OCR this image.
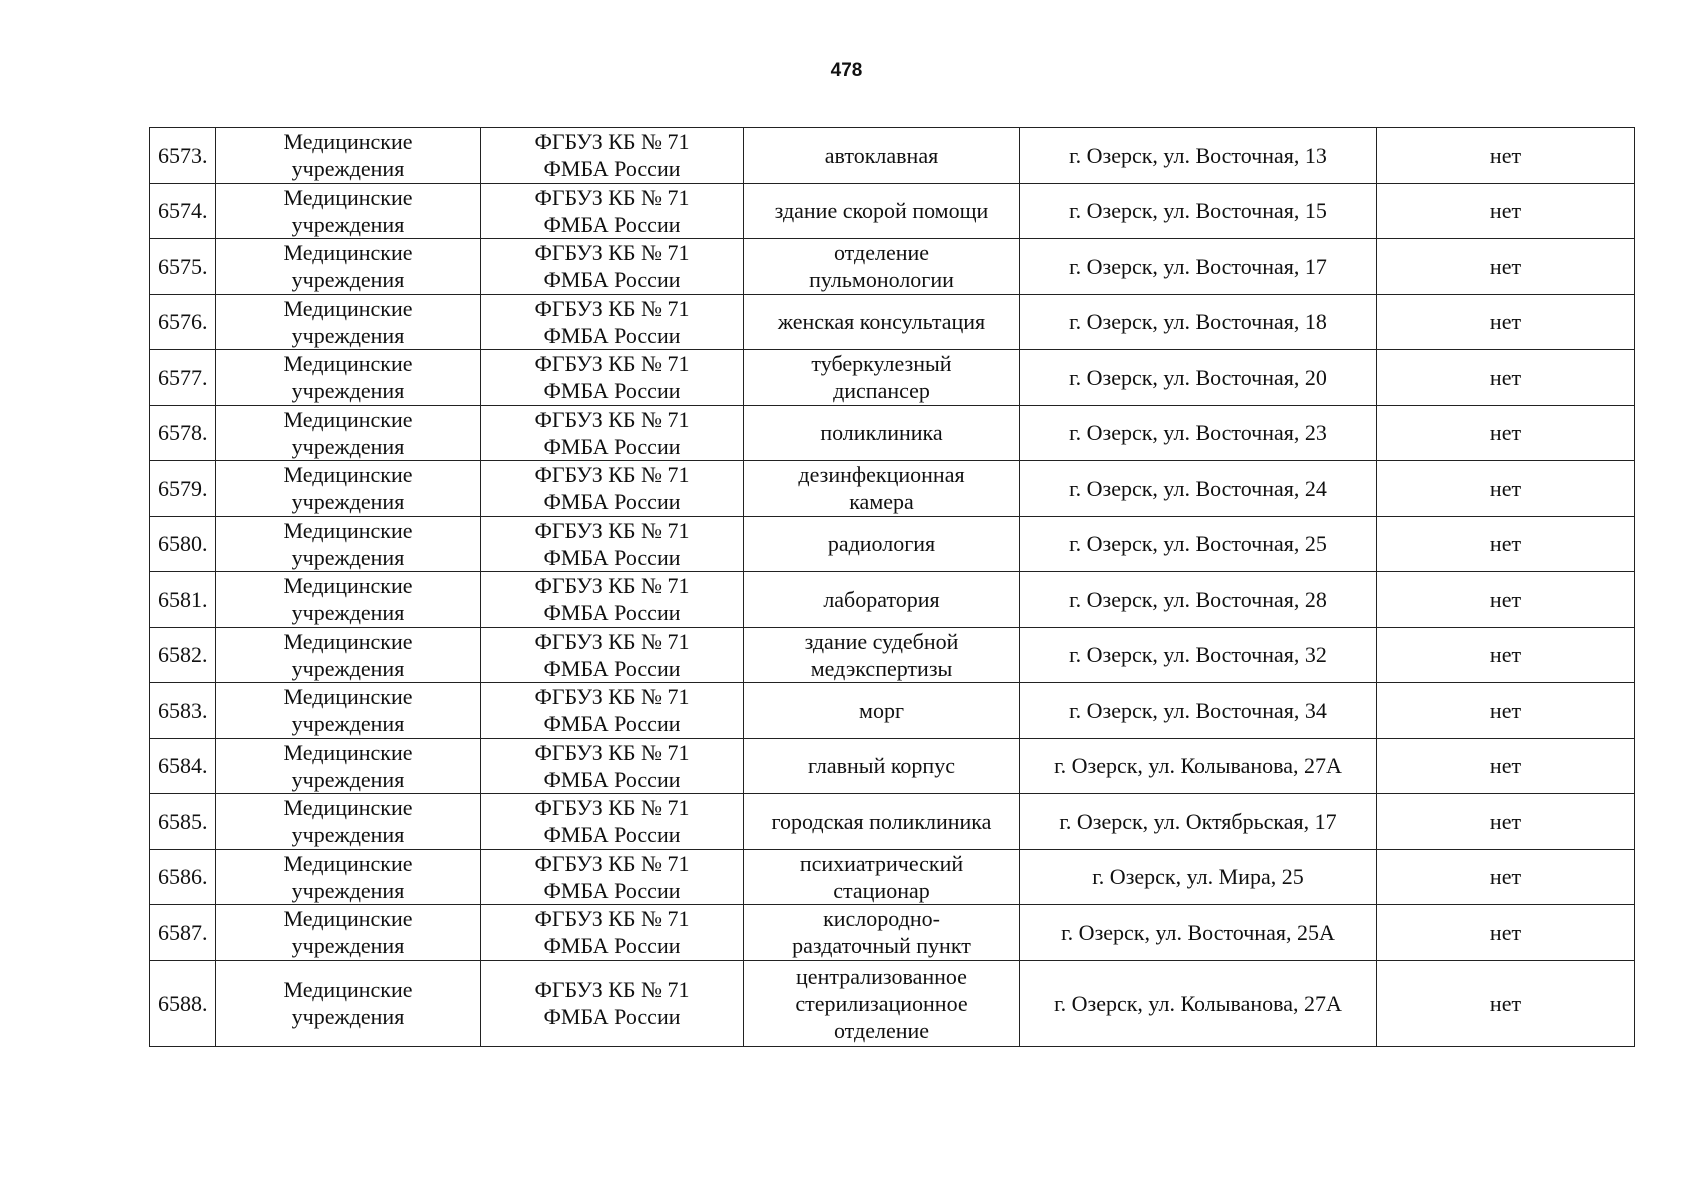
478
6573.	Медицинские
учреждения	ФГБУЗ КБ № 71
ФМБА России	автоклавная	г. Озерск, ул. Восточная, 13	нет
6574.	Медицинские
учреждения	ФГБУЗ КБ № 71
ФМБА России	здание скорой помощи	г. Озерск, ул. Восточная, 15	нет
6575.	Медицинские
учреждения	ФГБУЗ КБ № 71
ФМБА России	отделение
пульмонологии	г. Озерск, ул. Восточная, 17	нет
6576.	Медицинские
учреждения	ФГБУЗ КБ № 71
ФМБА России	женская консультация	г. Озерск, ул. Восточная, 18	нет
6577.	Медицинские
учреждения	ФГБУЗ КБ № 71
ФМБА России	туберкулезный
диспансер	г. Озерск, ул. Восточная, 20	нет
6578.	Медицинские
учреждения	ФГБУЗ КБ № 71
ФМБА России	поликлиника	г. Озерск, ул. Восточная, 23	нет
6579.	Медицинские
учреждения	ФГБУЗ КБ № 71
ФМБА России	дезинфекционная
камера	г. Озерск, ул. Восточная, 24	нет
6580.	Медицинские
учреждения	ФГБУЗ КБ № 71
ФМБА России	радиология	г. Озерск, ул. Восточная, 25	нет
6581.	Медицинские
учреждения	ФГБУЗ КБ № 71
ФМБА России	лаборатория	г. Озерск, ул. Восточная, 28	нет
6582.	Медицинские
учреждения	ФГБУЗ КБ № 71
ФМБА России	здание судебной
медэкспертизы	г. Озерск, ул. Восточная, 32	нет
6583.	Медицинские
учреждения	ФГБУЗ КБ № 71
ФМБА России	морг	г. Озерск, ул. Восточная, 34	нет
6584.	Медицинские
учреждения	ФГБУЗ КБ № 71
ФМБА России	главный корпус	г. Озерск, ул. Колыванова, 27А	нет
6585.	Медицинские
учреждения	ФГБУЗ КБ № 71
ФМБА России	городская поликлиника	г. Озерск, ул. Октябрьская, 17	нет
6586.	Медицинские
учреждения	ФГБУЗ КБ № 71
ФМБА России	психиатрический
стационар	г. Озерск, ул. Мира, 25	нет
6587.	Медицинские
учреждения	ФГБУЗ КБ № 71
ФМБА России	кислородно-
раздаточный пункт	г. Озерск, ул. Восточная, 25А	нет
6588.	Медицинские
учреждения	ФГБУЗ КБ № 71
ФМБА России	централизованное
стерилизационное
отделение	г. Озерск, ул. Колыванова, 27А	нет
